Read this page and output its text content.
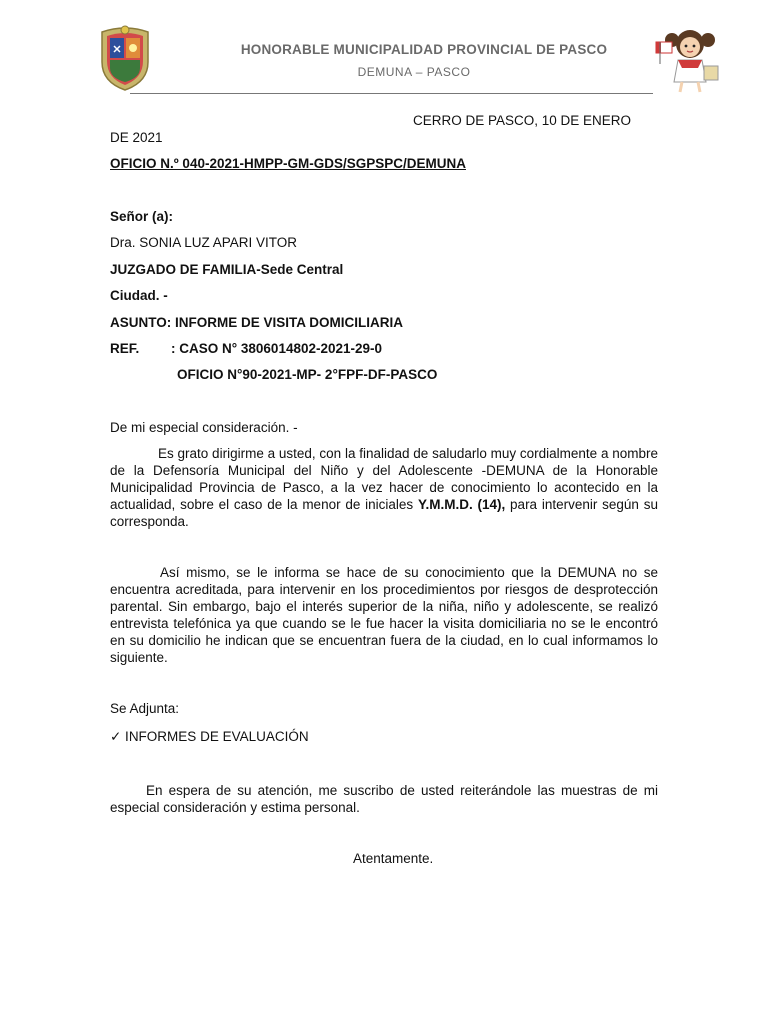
HONORABLE MUNICIPALIDAD PROVINCIAL DE PASCO
DEMUNA – PASCO
CERRO DE PASCO, 10 DE ENERO
DE 2021
OFICIO N.º 040-2021-HMPP-GM-GDS/SGPSPC/DEMUNA
Señor (a):
Dra. SONIA LUZ APARI VITOR
JUZGADO DE FAMILIA-Sede Central
Ciudad. -
ASUNTO: INFORME DE VISITA DOMICILIARIA
REF. : CASO N° 3806014802-2021-29-0
OFICIO N°90-2021-MP- 2°FPF-DF-PASCO
De mi especial consideración. -
Es grato dirigirme a usted, con la finalidad de saludarlo muy cordialmente a nombre de la Defensoría Municipal del Niño y del Adolescente -DEMUNA de la Honorable Municipalidad Provincia de Pasco, a la vez hacer de conocimiento lo acontecido en la actualidad, sobre el caso de la menor de iniciales Y.M.M.D. (14), para intervenir según su corresponda.
Así mismo, se le informa se hace de su conocimiento que la DEMUNA no se encuentra acreditada, para intervenir en los procedimientos por riesgos de desprotección parental. Sin embargo, bajo el interés superior de la niña, niño y adolescente, se realizó entrevista telefónica ya que cuando se le fue hacer la visita domiciliaria no se le encontró en su domicilio he indican que se encuentran fuera de la ciudad, en lo cual informamos lo siguiente.
Se Adjunta:
✓ INFORMES DE EVALUACIÓN
En espera de su atención, me suscribo de usted reiterándole las muestras de mi especial consideración y estima personal.
Atentamente.
